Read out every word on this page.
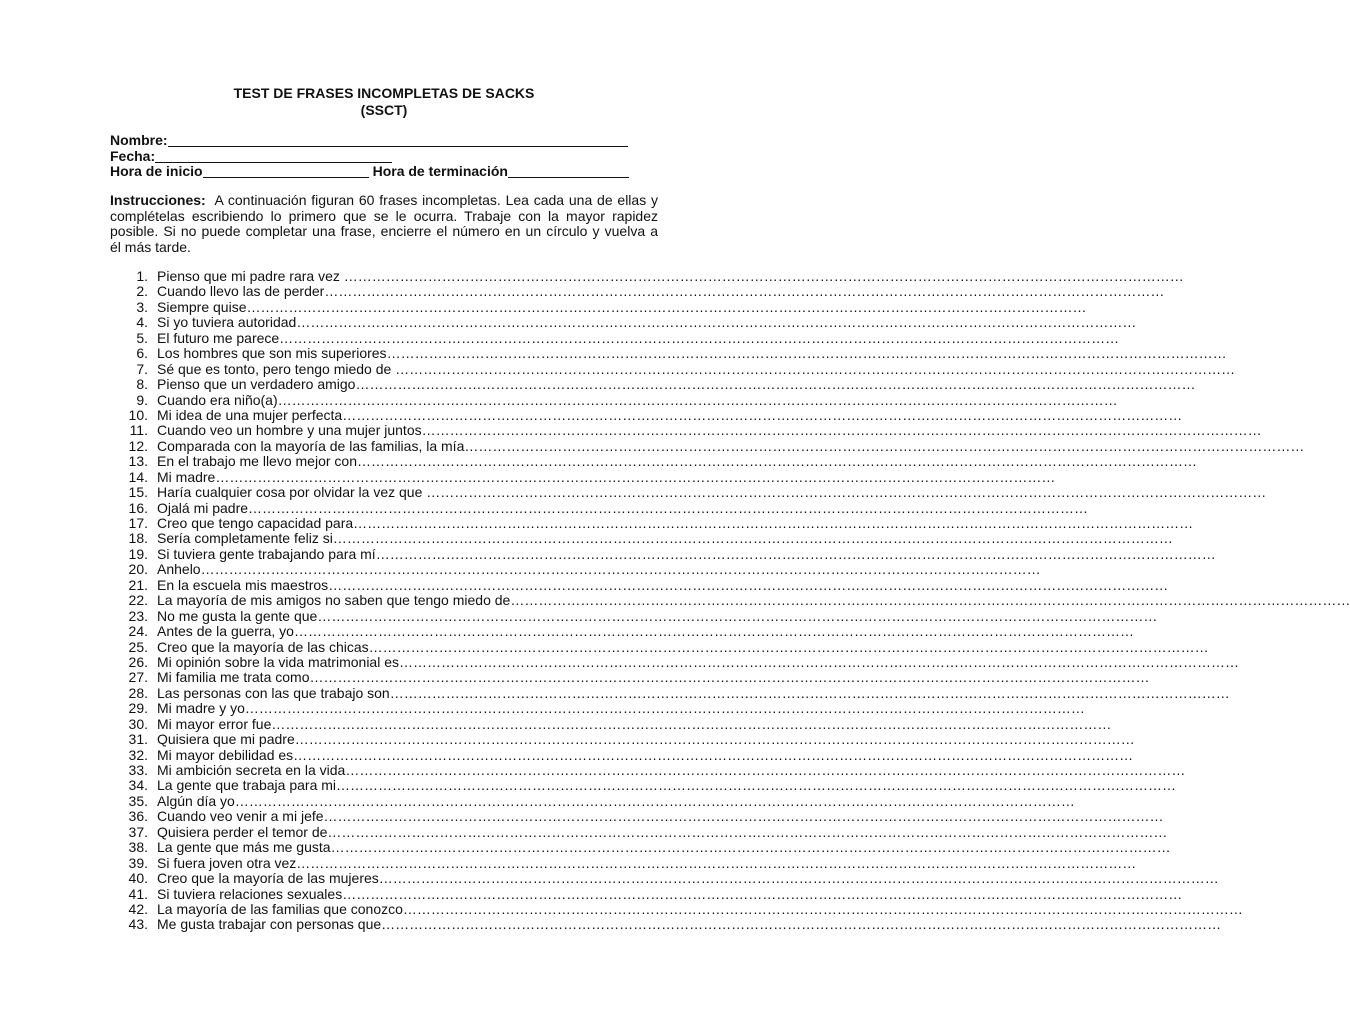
TEST DE FRASES INCOMPLETAS DE SACKS
(SSCT)
Nombre:
Fecha:
Hora de inicio	Hora de terminación
Instrucciones: A continuación figuran 60 frases incompletas. Lea cada una de ellas y
complételas escribiendo lo primero que se le ocurra. Trabaje con la mayor rapidez
posible. Si no puede completar una frase, encierre el número en un círculo y vuelva a
él más tarde.
1. Pienso que mi padre rara vez ………………………………………………………………………………………………………………………………………………………………
2. Cuando llevo las de perder ………………………………………………………………………………………………………………………………………………………………
3. Siempre quise ………………………………………………………………………………………………………………………………………………………………
4. Si yo tuviera autoridad ………………………………………………………………………………………………………………………………………………………………
5. El futuro me parece ………………………………………………………………………………………………………………………………………………………………
6. Los hombres que son mis superiores ………………………………………………………………………………………………………………………………………………………………
7. Sé que es tonto, pero tengo miedo de ………………………………………………………………………………………………………………………………………………………………
8. Pienso que un verdadero amigo ………………………………………………………………………………………………………………………………………………………………
9. Cuando era niño(a) ………………………………………………………………………………………………………………………………………………………………
10. Mi idea de una mujer perfecta ………………………………………………………………………………………………………………………………………………………………
11. Cuando veo un hombre y una mujer juntos ………………………………………………………………………………………………………………………………………………………………
12. Comparada con la mayoría de las familias, la mía ………………………………………………………………………………………………………………………………………………………………
13. En el trabajo me llevo mejor con ………………………………………………………………………………………………………………………………………………………………
14. Mi madre ………………………………………………………………………………………………………………………………………………………………
15. Haría cualquier cosa por olvidar la vez que ………………………………………………………………………………………………………………………………………………………………
16. Ojalá mi padre ………………………………………………………………………………………………………………………………………………………………
17. Creo que tengo capacidad para ………………………………………………………………………………………………………………………………………………………………
18. Sería completamente feliz si ………………………………………………………………………………………………………………………………………………………………
19. Si tuviera gente trabajando para mí ………………………………………………………………………………………………………………………………………………………………
20. Anhelo ………………………………………………………………………………………………………………………………………………………………
21. En la escuela mis maestros ………………………………………………………………………………………………………………………………………………………………
22. La mayoría de mis amigos no saben que tengo miedo de ………………………………………………………………………………………………………………………………………………………………
23. No me gusta la gente que ………………………………………………………………………………………………………………………………………………………………
24. Antes de la guerra, yo ………………………………………………………………………………………………………………………………………………………………
25. Creo que la mayoría de las chicas ………………………………………………………………………………………………………………………………………………………………
26. Mi opinión sobre la vida matrimonial es ………………………………………………………………………………………………………………………………………………………………
27. Mi familia me trata como ………………………………………………………………………………………………………………………………………………………………
28. Las personas con las que trabajo son ………………………………………………………………………………………………………………………………………………………………
29. Mi madre y yo ………………………………………………………………………………………………………………………………………………………………
30. Mi mayor error fue ………………………………………………………………………………………………………………………………………………………………
31. Quisiera que mi padre ………………………………………………………………………………………………………………………………………………………………
32. Mi mayor debilidad es ………………………………………………………………………………………………………………………………………………………………
33. Mi ambición secreta en la vida ………………………………………………………………………………………………………………………………………………………………
34. La gente que trabaja para mi ………………………………………………………………………………………………………………………………………………………………
35. Algún día yo ………………………………………………………………………………………………………………………………………………………………
36. Cuando veo venir a mi jefe ………………………………………………………………………………………………………………………………………………………………
37. Quisiera perder el temor de ………………………………………………………………………………………………………………………………………………………………
38. La gente que más me gusta ………………………………………………………………………………………………………………………………………………………………
39. Si fuera joven otra vez ………………………………………………………………………………………………………………………………………………………………
40. Creo que la mayoría de las mujeres ………………………………………………………………………………………………………………………………………………………………
41. Si tuviera relaciones sexuales ………………………………………………………………………………………………………………………………………………………………
42. La mayoría de las familias que conozco ………………………………………………………………………………………………………………………………………………………………
43. Me gusta trabajar con personas que ………………………………………………………………………………………………………………………………………………………………
